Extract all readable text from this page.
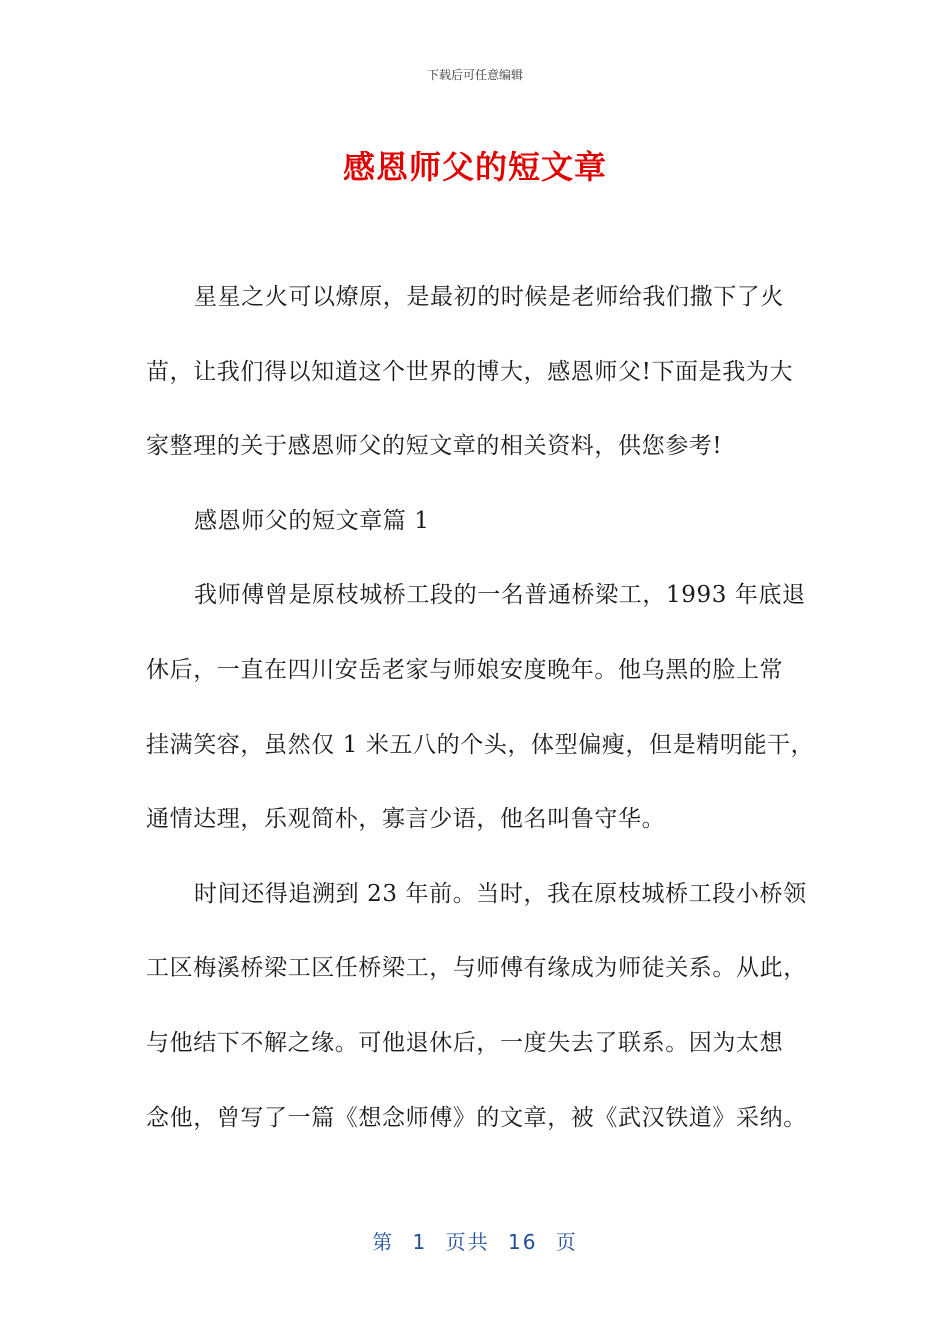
下载后可任意编辑
感恩师父的短文章
星星之火可以燎原，是最初的时候是老师给我们撒下了火
苗，让我们得以知道这个世界的博大，感恩师父!下面是我为大
家整理的关于感恩师父的短文章的相关资料，供您参考!
感恩师父的短文章篇 1
我师傅曾是原枝城桥工段的一名普通桥梁工，1993 年底退
休后，一直在四川安岳老家与师娘安度晚年。他乌黑的脸上常
挂满笑容，虽然仅 1 米五八的个头，体型偏瘦，但是精明能干，
通情达理，乐观简朴，寡言少语，他名叫鲁守华。
时间还得追溯到 23 年前。当时，我在原枝城桥工段小桥领
工区梅溪桥梁工区任桥梁工，与师傅有缘成为师徒关系。从此，
与他结下不解之缘。可他退休后，一度失去了联系。因为太想
念他，曾写了一篇《想念师傅》的文章，被《武汉铁道》采纳。
第 1 页共 16 页
